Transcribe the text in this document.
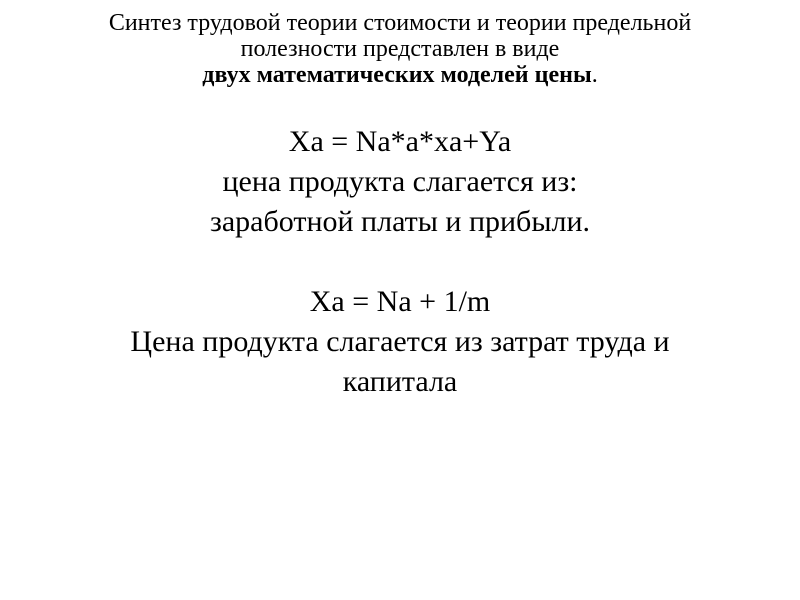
Синтез трудовой теории стоимости и теории предельной
полезности представлен в виде
двух математических моделей цены.
Xa = Na*a*xa+Ya
цена продукта слагается из:
заработной платы и прибыли.
Xa = Na + 1/m
Цена продукта слагается из затрат труда и
капитала
